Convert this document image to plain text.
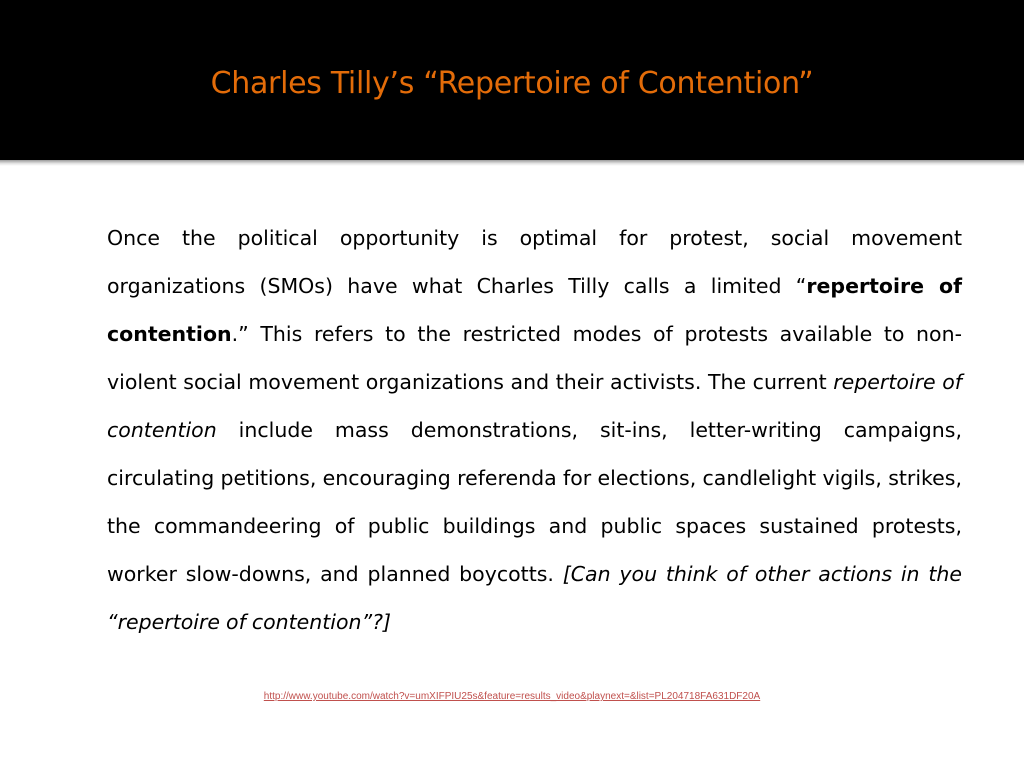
Charles Tilly’s “Repertoire of Contention”
Once the political opportunity is optimal for protest, social movement organizations (SMOs) have what Charles Tilly calls a limited “repertoire of contention.” This refers to the restricted modes of protests available to non-violent social movement organizations and their activists. The current repertoire of contention include mass demonstrations, sit-ins, letter-writing campaigns, circulating petitions, encouraging referenda for elections, candlelight vigils, strikes, the commandeering of public buildings and public spaces sustained protests, worker slow-downs, and planned boycotts. [Can you think of other actions in the “repertoire of contention”?]
http://www.youtube.com/watch?v=umXIFPIU25s&feature=results_video&playnext=&list=PL204718FA631DF20A
